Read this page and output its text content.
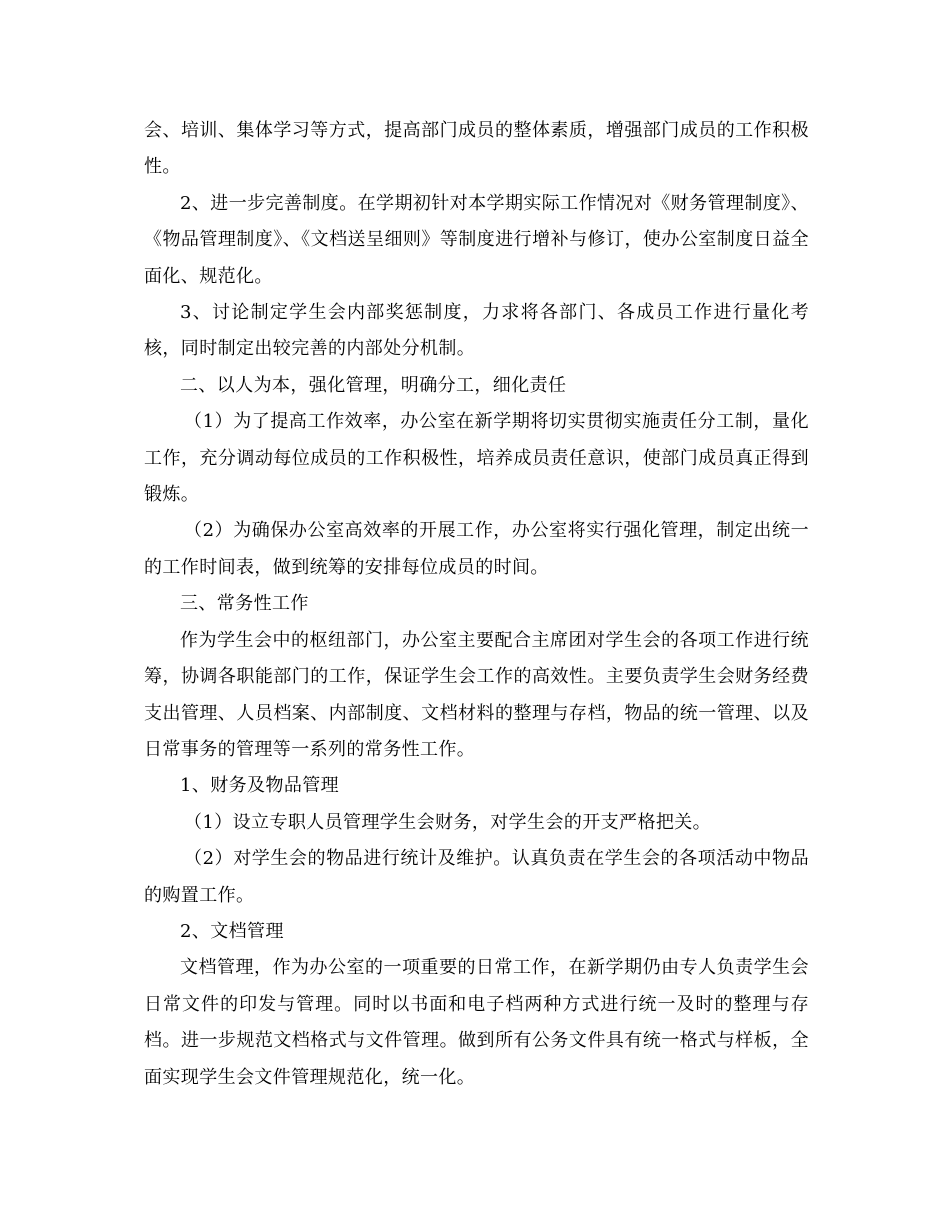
会、培训、集体学习等方式，提高部门成员的整体素质，增强部门成员的工作积极性。

2、进一步完善制度。在学期初针对本学期实际工作情况对《财务管理制度》、《物品管理制度》、《文档送呈细则》等制度进行增补与修订，使办公室制度日益全面化、规范化。

3、讨论制定学生会内部奖惩制度，力求将各部门、各成员工作进行量化考核，同时制定出较完善的内部处分机制。

二、以人为本，强化管理，明确分工，细化责任

（1）为了提高工作效率，办公室在新学期将切实贯彻实施责任分工制，量化工作，充分调动每位成员的工作积极性，培养成员责任意识，使部门成员真正得到锻炼。

（2）为确保办公室高效率的开展工作，办公室将实行强化管理，制定出统一的工作时间表，做到统筹的安排每位成员的时间。

三、常务性工作

作为学生会中的枢纽部门，办公室主要配合主席团对学生会的各项工作进行统筹，协调各职能部门的工作，保证学生会工作的高效性。主要负责学生会财务经费支出管理、人员档案、内部制度、文档材料的整理与存档，物品的统一管理、以及日常事务的管理等一系列的常务性工作。

1、财务及物品管理

（1）设立专职人员管理学生会财务，对学生会的开支严格把关。

（2）对学生会的物品进行统计及维护。认真负责在学生会的各项活动中物品的购置工作。

2、文档管理

文档管理，作为办公室的一项重要的日常工作，在新学期仍由专人负责学生会日常文件的印发与管理。同时以书面和电子档两种方式进行统一及时的整理与存档。进一步规范文档格式与文件管理。做到所有公务文件具有统一格式与样板，全面实现学生会文件管理规范化，统一化。
